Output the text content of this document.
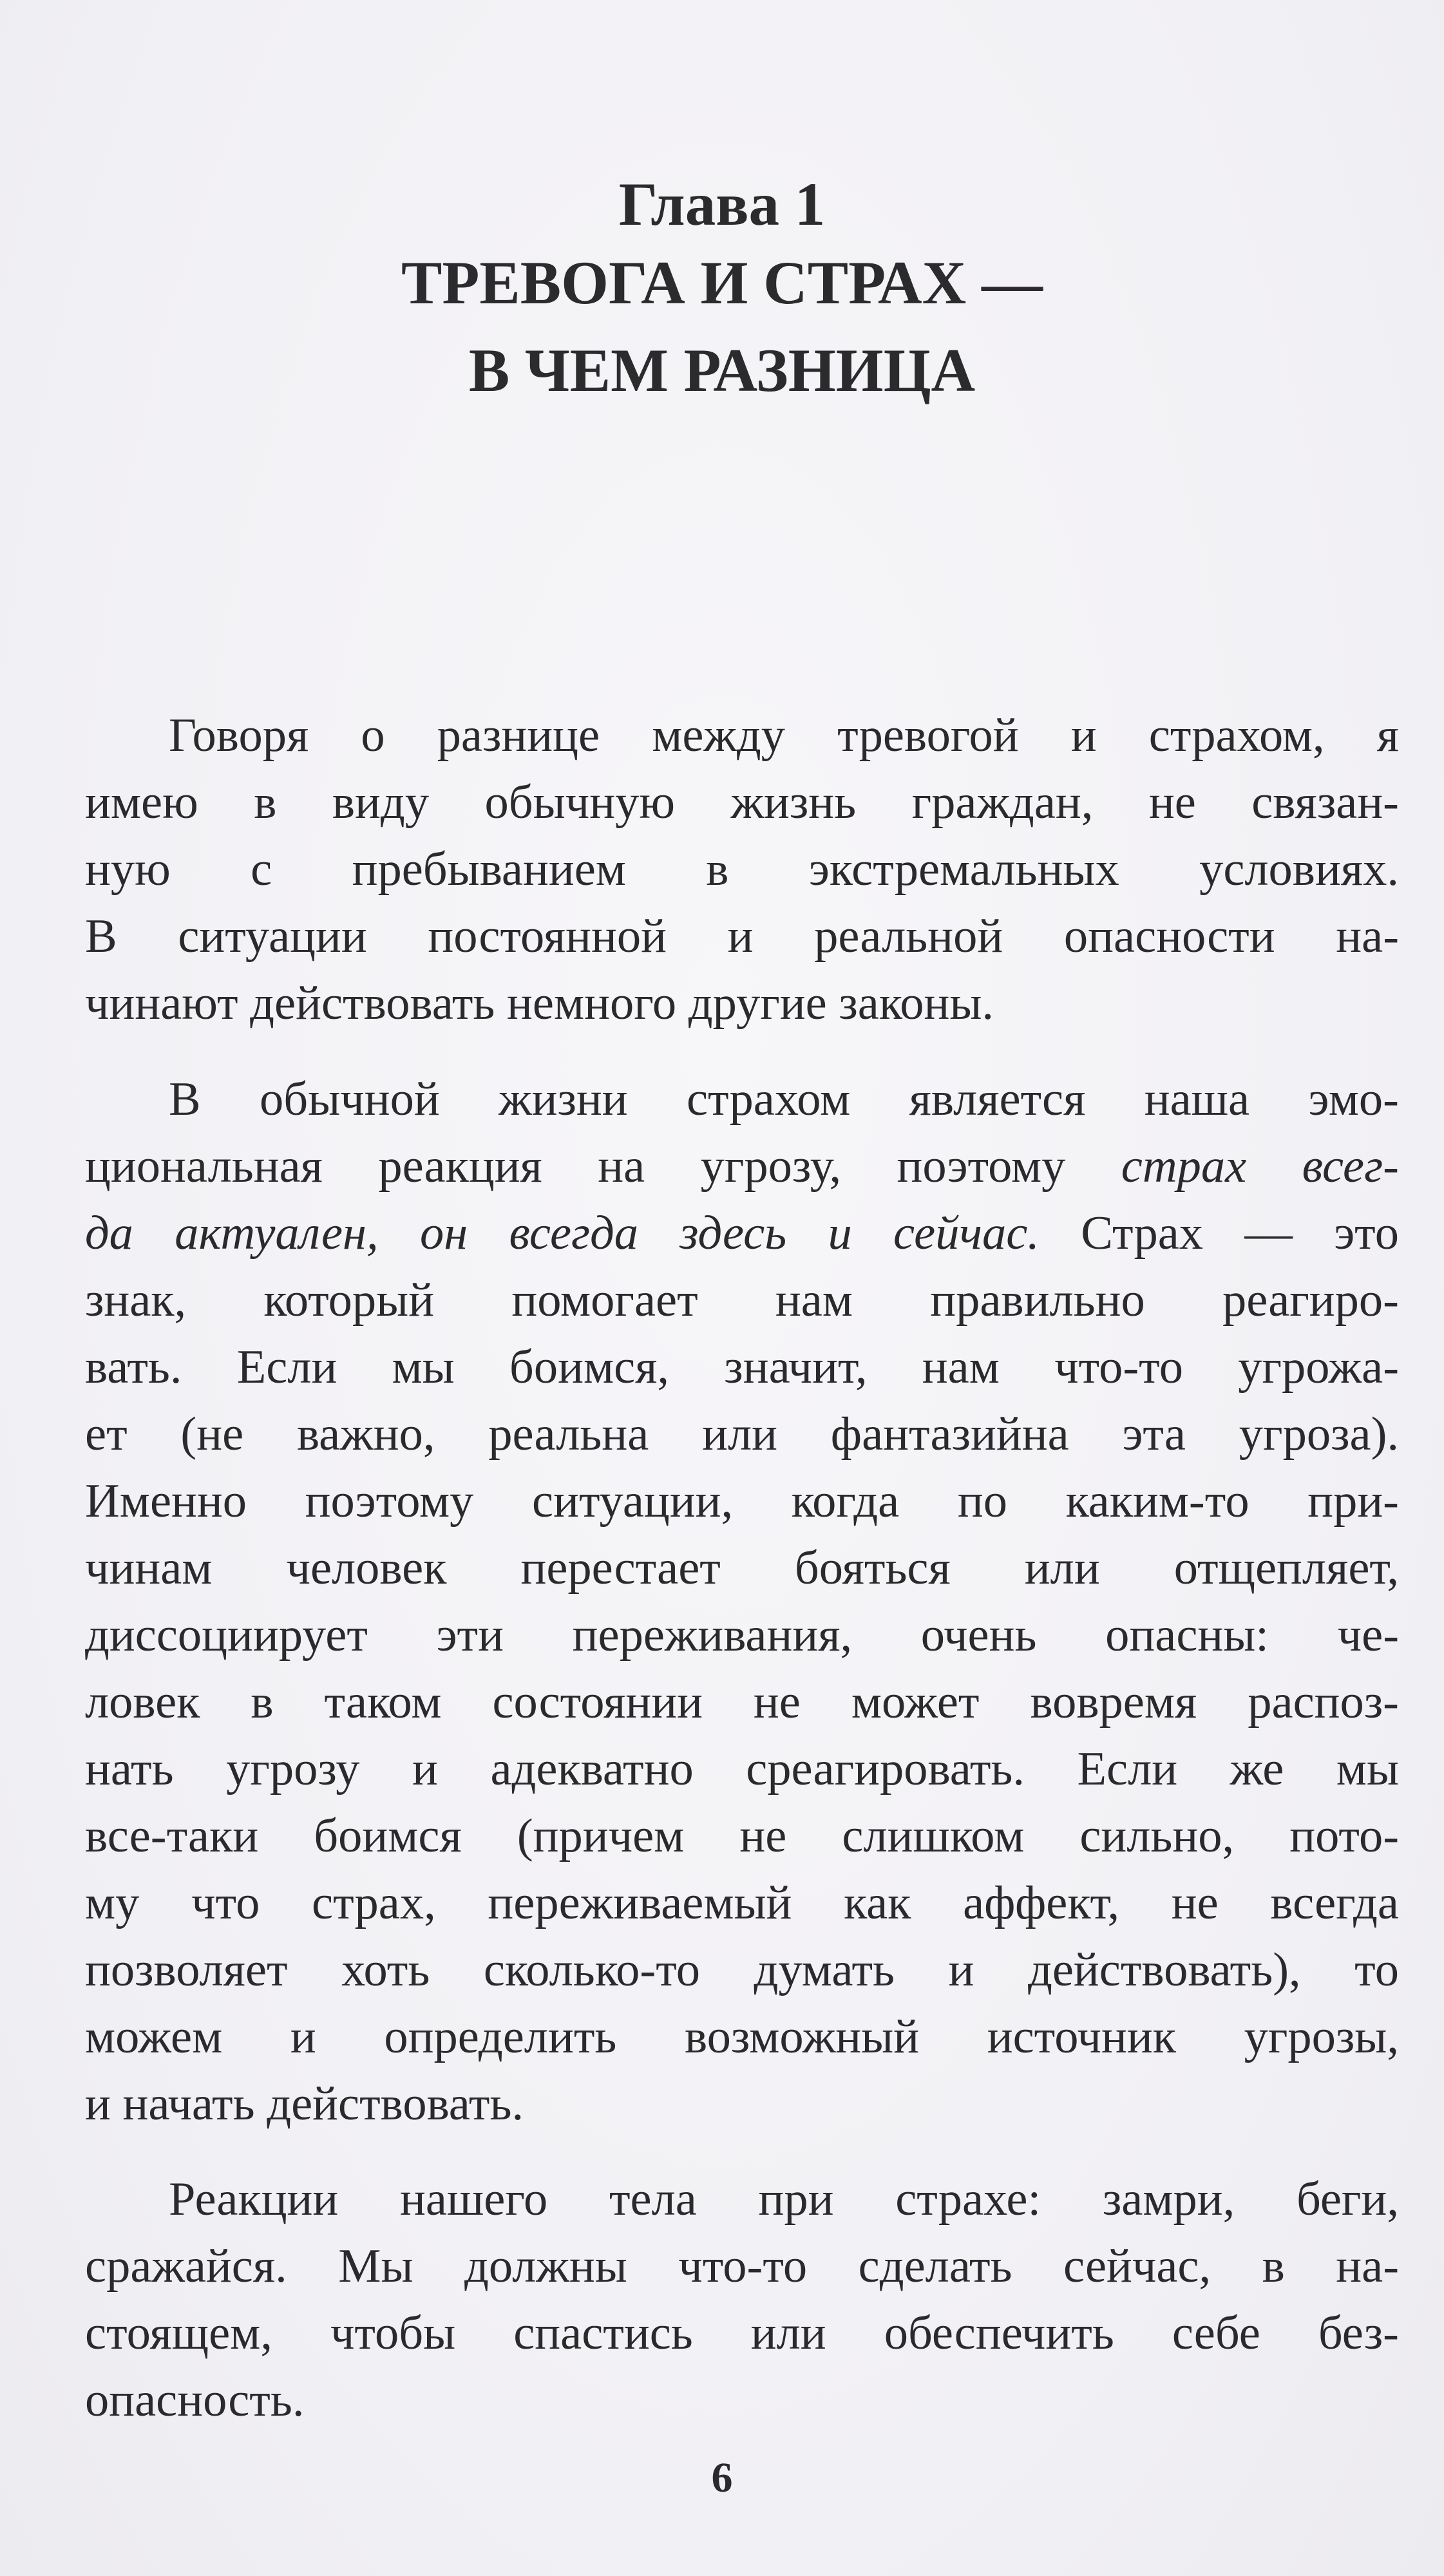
Глава 1
ТРЕВОГА И СТРАХ —
В ЧЕМ РАЗНИЦА
Говоря о разнице между тревогой и страхом, я
имею в виду обычную жизнь граждан, не связан-
ную с пребыванием в экстремальных условиях.
В ситуации постоянной и реальной опасности на-
чинают действовать немного другие законы.
В обычной жизни страхом является наша эмо-
циональная реакция на угрозу, поэтому страх всег-
да актуален, он всегда здесь и сейчас. Страх — это
знак, который помогает нам правильно реагиро-
вать. Если мы боимся, значит, нам что-то угрожа-
ет (не важно, реальна или фантазийна эта угроза).
Именно поэтому ситуации, когда по каким-то при-
чинам человек перестает бояться или отщепляет,
диссоциирует эти переживания, очень опасны: че-
ловек в таком состоянии не может вовремя распоз-
нать угрозу и адекватно среагировать. Если же мы
все-таки боимся (причем не слишком сильно, пото-
му что страх, переживаемый как аффект, не всегда
позволяет хоть сколько-то думать и действовать), то
можем и определить возможный источник угрозы,
и начать действовать.
Реакции нашего тела при страхе: замри, беги,
сражайся. Мы должны что-то сделать сейчас, в на-
стоящем, чтобы спастись или обеспечить себе без-
опасность.
6
